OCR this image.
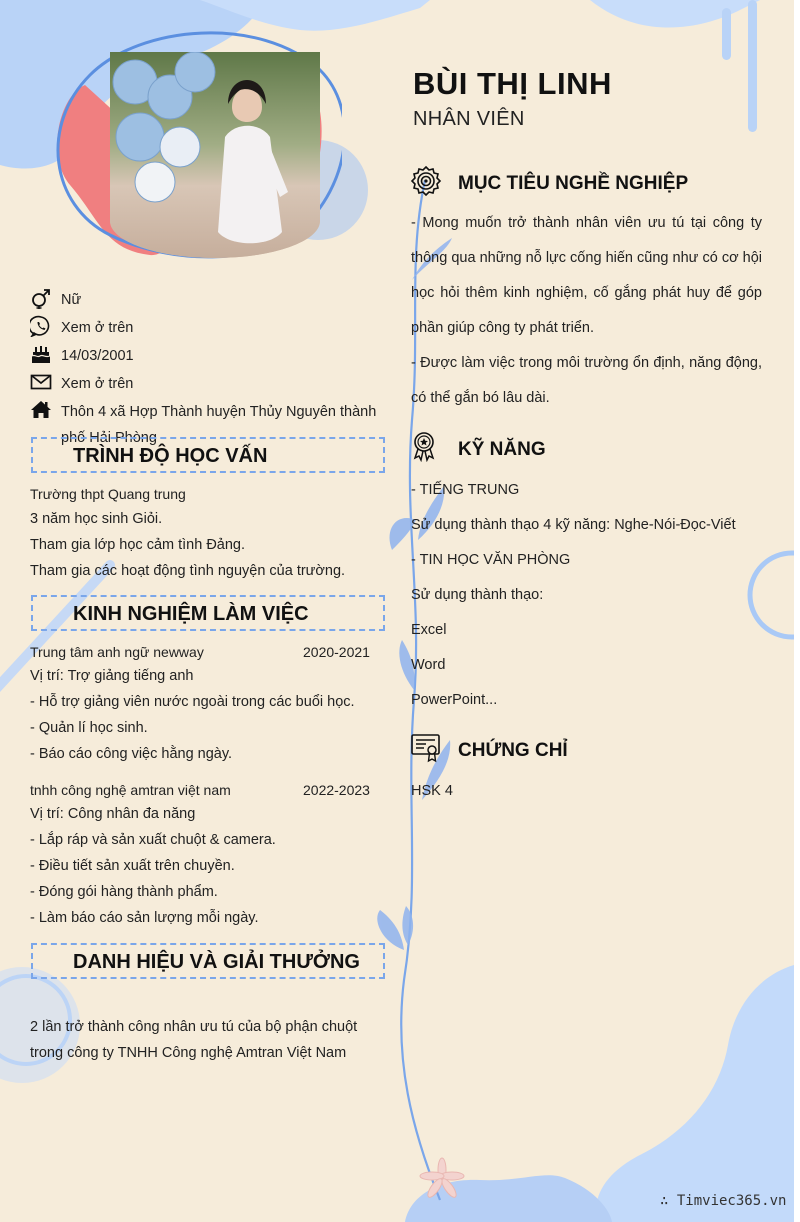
BÙI THỊ LINH
NHÂN VIÊN
Nữ
Xem ở trên
14/03/2001
Xem ở trên
Thôn 4 xã Hợp Thành huyện Thủy Nguyên thành phố Hải Phòng
TRÌNH ĐỘ HỌC VẤN
Trường thpt Quang trung
3 năm học sinh Giỏi.
Tham gia lớp học cảm tình Đảng.
Tham gia các hoạt động tình nguyện của trường.
KINH NGHIỆM LÀM VIỆC
Trung tâm anh ngữ newway	2020-2021
Vị trí: Trợ giảng tiếng anh
- Hỗ trợ giảng viên nước ngoài trong các buổi học.
- Quản lí học sinh.
- Báo cáo công việc hằng ngày.
tnhh công nghệ amtran việt nam	2022-2023
Vị trí: Công nhân đa năng
- Lắp ráp và sản xuất chuột & camera.
- Điều tiết sản xuất trên chuyền.
- Đóng gói hàng thành phẩm.
- Làm báo cáo sản lượng mỗi ngày.
DANH HIỆU VÀ GIẢI THƯỞNG
2 lần trở thành công nhân ưu tú của bộ phận chuột trong công ty TNHH Công nghệ Amtran Việt Nam
MỤC TIÊU NGHỀ NGHIỆP
- Mong muốn trở thành nhân viên ưu tú tại công ty thông qua những nỗ lực cống hiến cũng như có cơ hội học hỏi thêm kinh nghiệm, cố gắng phát huy để góp phần giúp công ty phát triển.
- Được làm việc trong môi trường ổn định, năng động, có thể gắn bó lâu dài.
KỸ NĂNG
- TIẾNG TRUNG
Sử dụng thành thạo 4 kỹ năng: Nghe-Nói-Đọc-Viết
- TIN HỌC VĂN PHÒNG
Sử dụng thành thạo:
Excel
Word
PowerPoint...
CHỨNG CHỈ
HSK 4
∴ Timviec365.vn
